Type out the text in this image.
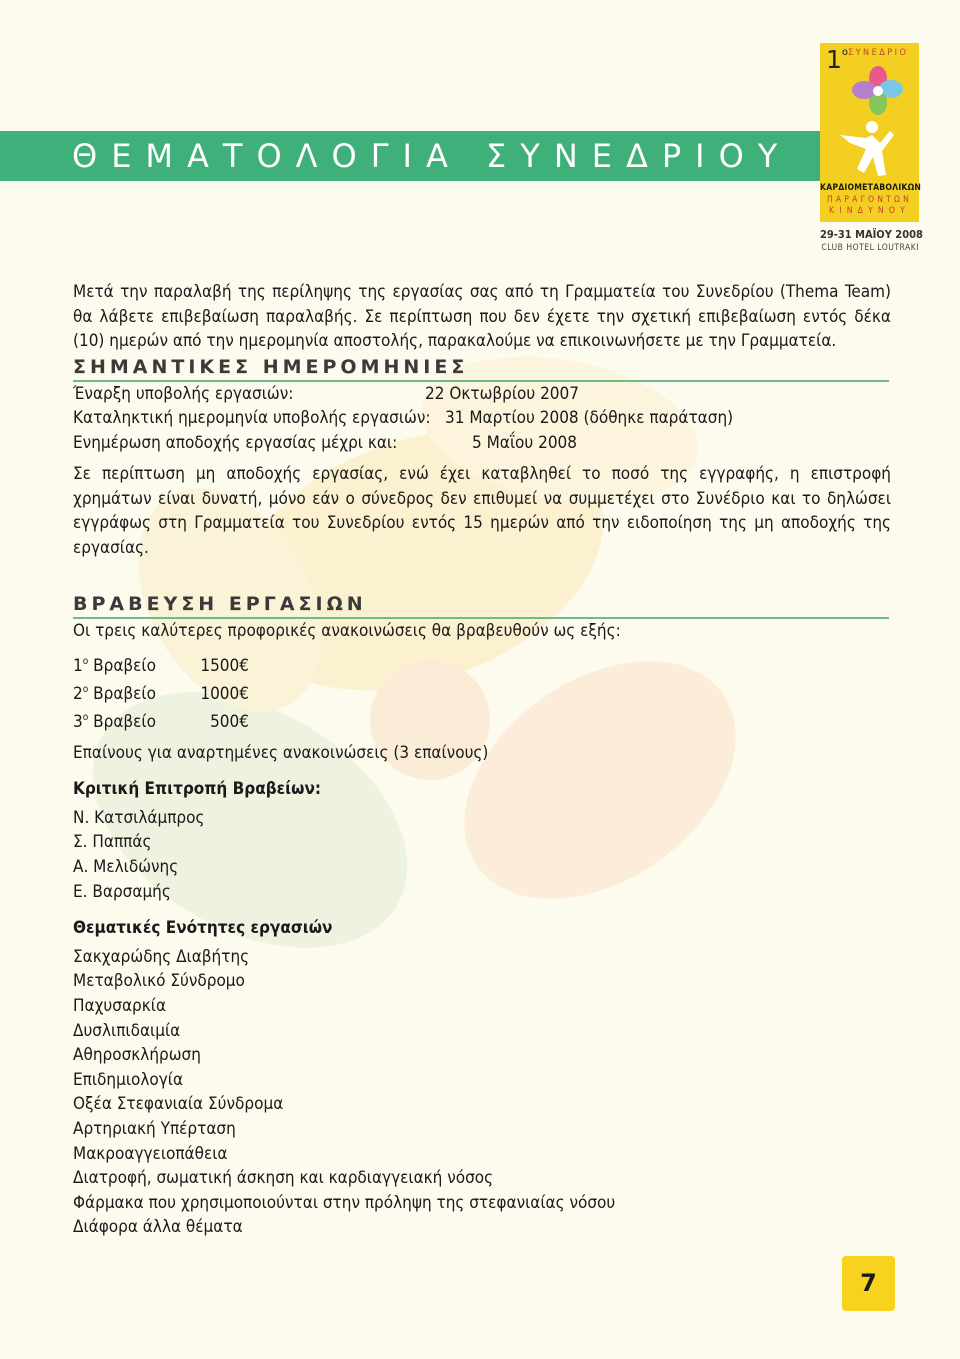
ΘΕΜΑΤΟΛΟΓΙΑ ΣΥΝΕΔΡΙΟΥ
$1^o$ ΣΥΝΕΔΡΙΟ
ΚΑΡΔΙΟΜΕΤΑΒΟΛΙΚΩΝ
ΠΑΡΑΓΟΝΤΩΝ
ΚΙΝΔΥΝΟΥ
29-31 ΜΑΪΟΥ 2008
CLUB HOTEL LOUTRAKI

Μετά την παραλαβή της περίληψης της εργασίας σας από τη Γραμματεία του Συνεδρίου (Thema Team) θα λάβετε επιβεβαίωση παραλαβής. Σε περίπτωση που δεν έχετε την σχετική επιβεβαίωση εντός δέκα (10) ημερών από την ημερομηνία αποστολής, παρακαλούμε να επικοινωνήσετε με την Γραμματεία.

ΣΗΜΑΝΤΙΚΕΣ ΗΜΕΡΟΜΗΝΙΕΣ
Έναρξη υποβολής εργασιών:	22 Οκτωβρίου 2007
Καταληκτική ημερομηνία υποβολής εργασιών: 31 Μαρτίου 2008 (δόθηκε παράταση)
Ενημέρωση αποδοχής εργασίας μέχρι και:	5 Μαΐου 2008

Σε περίπτωση μη αποδοχής εργασίας, ενώ έχει καταβληθεί το ποσό της εγγραφής, η επιστροφή χρημάτων είναι δυνατή, μόνο εάν ο σύνεδρος δεν επιθυμεί να συμμετέχει στο Συνέδριο και το δηλώσει εγγράφως στη Γραμματεία του Συνεδρίου εντός 15 ημερών από την ειδοποίηση της μη αποδοχής της εργασίας.

ΒΡΑΒΕΥΣΗ ΕΡΓΑΣΙΩΝ
Οι τρεις καλύτερες προφορικές ανακοινώσεις θα βραβευθούν ως εξής:
$1^o$ Βραβείο	1500€
$2^o$ Βραβείο	1000€
$3^o$ Βραβείο	500€
Επαίνους για αναρτημένες ανακοινώσεις (3 επαίνους)
Κριτική Επιτροπή Βραβείων:
Ν. Κατσιλάμπρος
Σ. Παππάς
Α. Μελιδώνης
Ε. Βαρσαμής
Θεματικές Ενότητες εργασιών
Σακχαρώδης Διαβήτης
Μεταβολικό Σύνδρομο
Παχυσαρκία
Δυσλιπιδαιμία
Αθηροσκλήρωση
Επιδημιολογία
Οξέα Στεφανιαία Σύνδρομα
Αρτηριακή Υπέρταση
Μακροαγγειοπάθεια
Διατροφή, σωματική άσκηση και καρδιαγγειακή νόσος
Φάρμακα που χρησιμοποιούνται στην πρόληψη της στεφανιαίας νόσου
Διάφορα άλλα θέματα
7
